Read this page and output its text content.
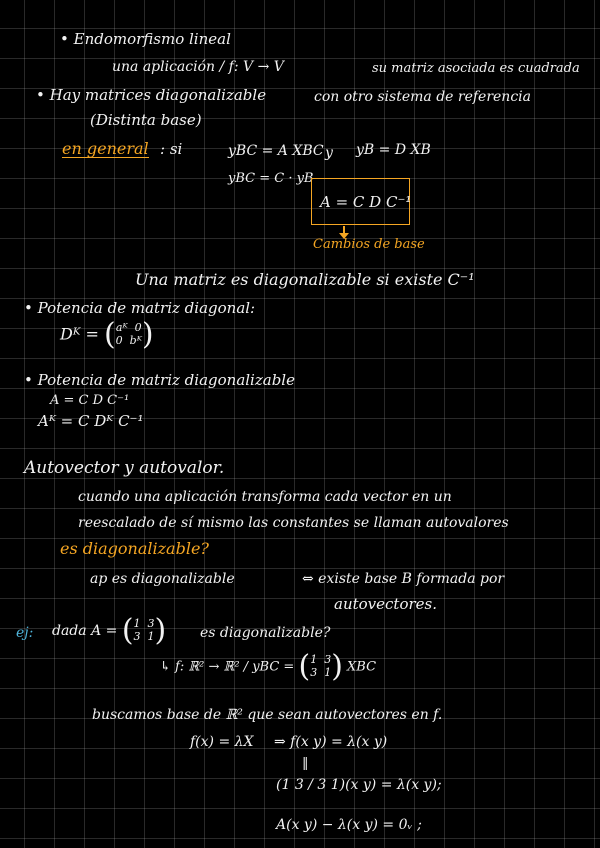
• Endomorfismo lineal
una aplicación / f: V → V	su matriz asociada es cuadrada
• Hay matrices diagonalizable	con otro sistema de referencia
(Distinta base)
en general : si	yBC = A XBC y yB = D XB
yBC = C · yB
A = C D C⁻¹
Cambios de base
Una matriz es diagonalizable si existe C⁻¹
• Potencia de matriz diagonal:
Dᴷ = (aᴷ 0
0 bᴷ)
• Potencia de matriz diagonalizable
A = C D C⁻¹
Aᴷ = C Dᴷ C⁻¹
Autovector y autovalor.
cuando una aplicación transforma cada vector en un
reescalado de sí mismo las constantes se llaman autovalores
es diagonalizable?
ap es diagonalizable	⇔ existe base B formada por
autovectores.
ej: dada A = (1 3
3 1) es diagonalizable?
↳ f: ℝ² → ℝ² / yBC = (1 3
3 1) XBC
buscamos base de ℝ² que sean autovectores en f.
f(x) = λX ⇒ f(x y) = λ(x y)
‖
(1 3 / 3 1)(x y) = λ(x y);
A(x y) − λ(x y) = 0ᵥ ;
